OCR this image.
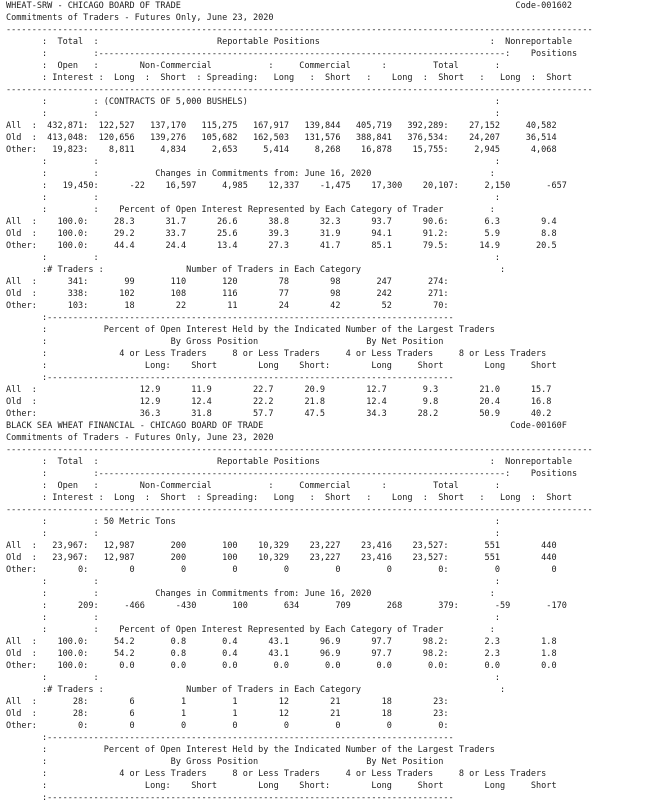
WHEAT-SRW - CHICAGO BOARD OF TRADE                                                                 Code-001602
Commitments of Traders - Futures Only, June 23, 2020
------------------------------------------------------------------------------------------------------------------
:  Total  :                       Reportable Positions                                 :  Nonreportable
:         :-------------------------------------------------------------------------------:    Positions
:  Open   :        Non-Commercial           :     Commercial      :         Total       :
: Interest :  Long  :  Short  : Spreading:   Long   :  Short   :    Long  :  Short   :   Long  :  Short
------------------------------------------------------------------------------------------------------------------
:         : (CONTRACTS OF 5,000 BUSHELS)                                                :
:         :                                                                             :
All  :  432,871:  122,527   137,170   115,275   167,917   139,844   405,719   392,289:    27,152     40,582
Old  :  413,048:  120,656   139,276   105,682   162,503   131,576   388,841   376,534:    24,207     36,514
Other:   19,823:    8,811     4,834     2,653     5,414     8,268    16,878    15,755:     2,945      4,068
:         :                                                                             :
:         :           Changes in Commitments from: June 16, 2020                       :
:   19,450:      -22    16,597     4,985    12,337    -1,475    17,300    20,107:     2,150       -657
:         :                                                                             :
:         :    Percent of Open Interest Represented by Each Category of Trader         :
All  :    100.0:     28.3      31.7      26.6      38.8      32.3      93.7      90.6:       6.3        9.4
Old  :    100.0:     29.2      33.7      25.6      39.3      31.9      94.1      91.2:       5.9        8.8
Other:    100.0:     44.4      24.4      13.4      27.3      41.7      85.1      79.5:      14.9       20.5
:         :                                                                             :
:# Traders :                Number of Traders in Each Category                           :
All  :      341:       99       110       120        78        98       247       274:
Old  :      338:      102       108       116        77        98       242       271:
Other:      103:       18        22        11        24        42        52        70:
:-------------------------------------------------------------------------------
:           Percent of Open Interest Held by the Indicated Number of the Largest Traders
:                        By Gross Position                     By Net Position
:              4 or Less Traders     8 or Less Traders     4 or Less Traders     8 or Less Traders
:                   Long:    Short        Long    Short:        Long     Short        Long     Short
:-------------------------------------------------------------------------------
All  :                    12.9      11.9        22.7      20.9        12.7       9.3        21.0      15.7
Old  :                    12.9      12.4        22.2      21.8        12.4       9.8        20.4      16.8
Other:                    36.3      31.8        57.7      47.5        34.3      28.2        50.9      40.2
BLACK SEA WHEAT FINANCIAL - CHICAGO BOARD OF TRADE                                                Code-00160F
Commitments of Traders - Futures Only, June 23, 2020
------------------------------------------------------------------------------------------------------------------
:  Total  :                       Reportable Positions                                 :  Nonreportable
:         :-------------------------------------------------------------------------------:    Positions
:  Open   :        Non-Commercial           :     Commercial      :         Total       :
: Interest :  Long  :  Short  : Spreading:   Long   :  Short   :    Long  :  Short   :   Long  :  Short
------------------------------------------------------------------------------------------------------------------
:         : 50 Metric Tons                                                              :
:         :                                                                             :
All  :   23,967:   12,987       200       100    10,329    23,227    23,416    23,527:       551        440
Old  :   23,967:   12,987       200       100    10,329    23,227    23,416    23,527:       551        440
Other:        0:        0         0         0         0         0         0         0:         0          0
:         :                                                                             :
:         :           Changes in Commitments from: June 16, 2020                       :
:      209:     -466      -430       100       634       709       268       379:       -59       -170
:         :                                                                             :
:         :    Percent of Open Interest Represented by Each Category of Trader         :
All  :    100.0:     54.2       0.8       0.4      43.1      96.9      97.7      98.2:       2.3        1.8
Old  :    100.0:     54.2       0.8       0.4      43.1      96.9      97.7      98.2:       2.3        1.8
Other:    100.0:      0.0       0.0       0.0       0.0       0.0       0.0       0.0:       0.0        0.0
:         :                                                                             :
:# Traders :                Number of Traders in Each Category                           :
All  :       28:        6         1         1        12        21        18        23:
Old  :       28:        6         1         1        12        21        18        23:
Other:        0:        0         0         0         0         0         0         0:
:-------------------------------------------------------------------------------
:           Percent of Open Interest Held by the Indicated Number of the Largest Traders
:                        By Gross Position                     By Net Position
:              4 or Less Traders     8 or Less Traders     4 or Less Traders     8 or Less Traders
:                   Long:    Short        Long    Short:        Long     Short        Long     Short
:-------------------------------------------------------------------------------
